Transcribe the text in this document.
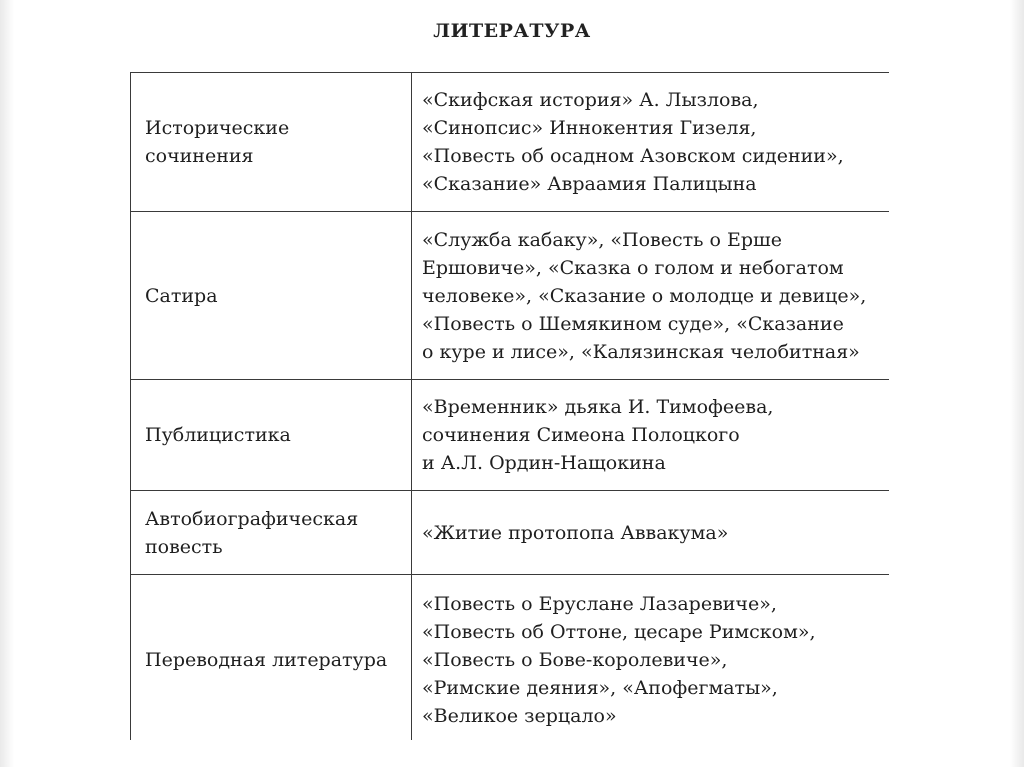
ЛИТЕРАТУРА
Исторические
сочинения	«Скифская история» А. Лызлова,
«Синопсис» Иннокентия Гизеля,
«Повесть об осадном Азовском сидении»,
«Сказание» Авраамия Палицына

Сатира	«Служба кабаку», «Повесть о Ерше
Ершовиче», «Сказка о голом и небогатом
человеке», «Сказание о молодце и девице»,
«Повесть о Шемякином суде», «Сказание
о куре и лисе», «Калязинская челобитная»

Публицистика	«Временник» дьяка И. Тимофеева,
сочинения Симеона Полоцкого
и А.Л. Ордин-Нащокина

Автобиографическая
повесть	«Житие протопопа Аввакума»

Переводная литература	«Повесть о Еруслане Лазаревиче»,
«Повесть об Оттоне, цесаре Римском»,
«Повесть о Бове-королевиче»,
«Римские деяния», «Апофегматы»,
«Великое зерцало»
